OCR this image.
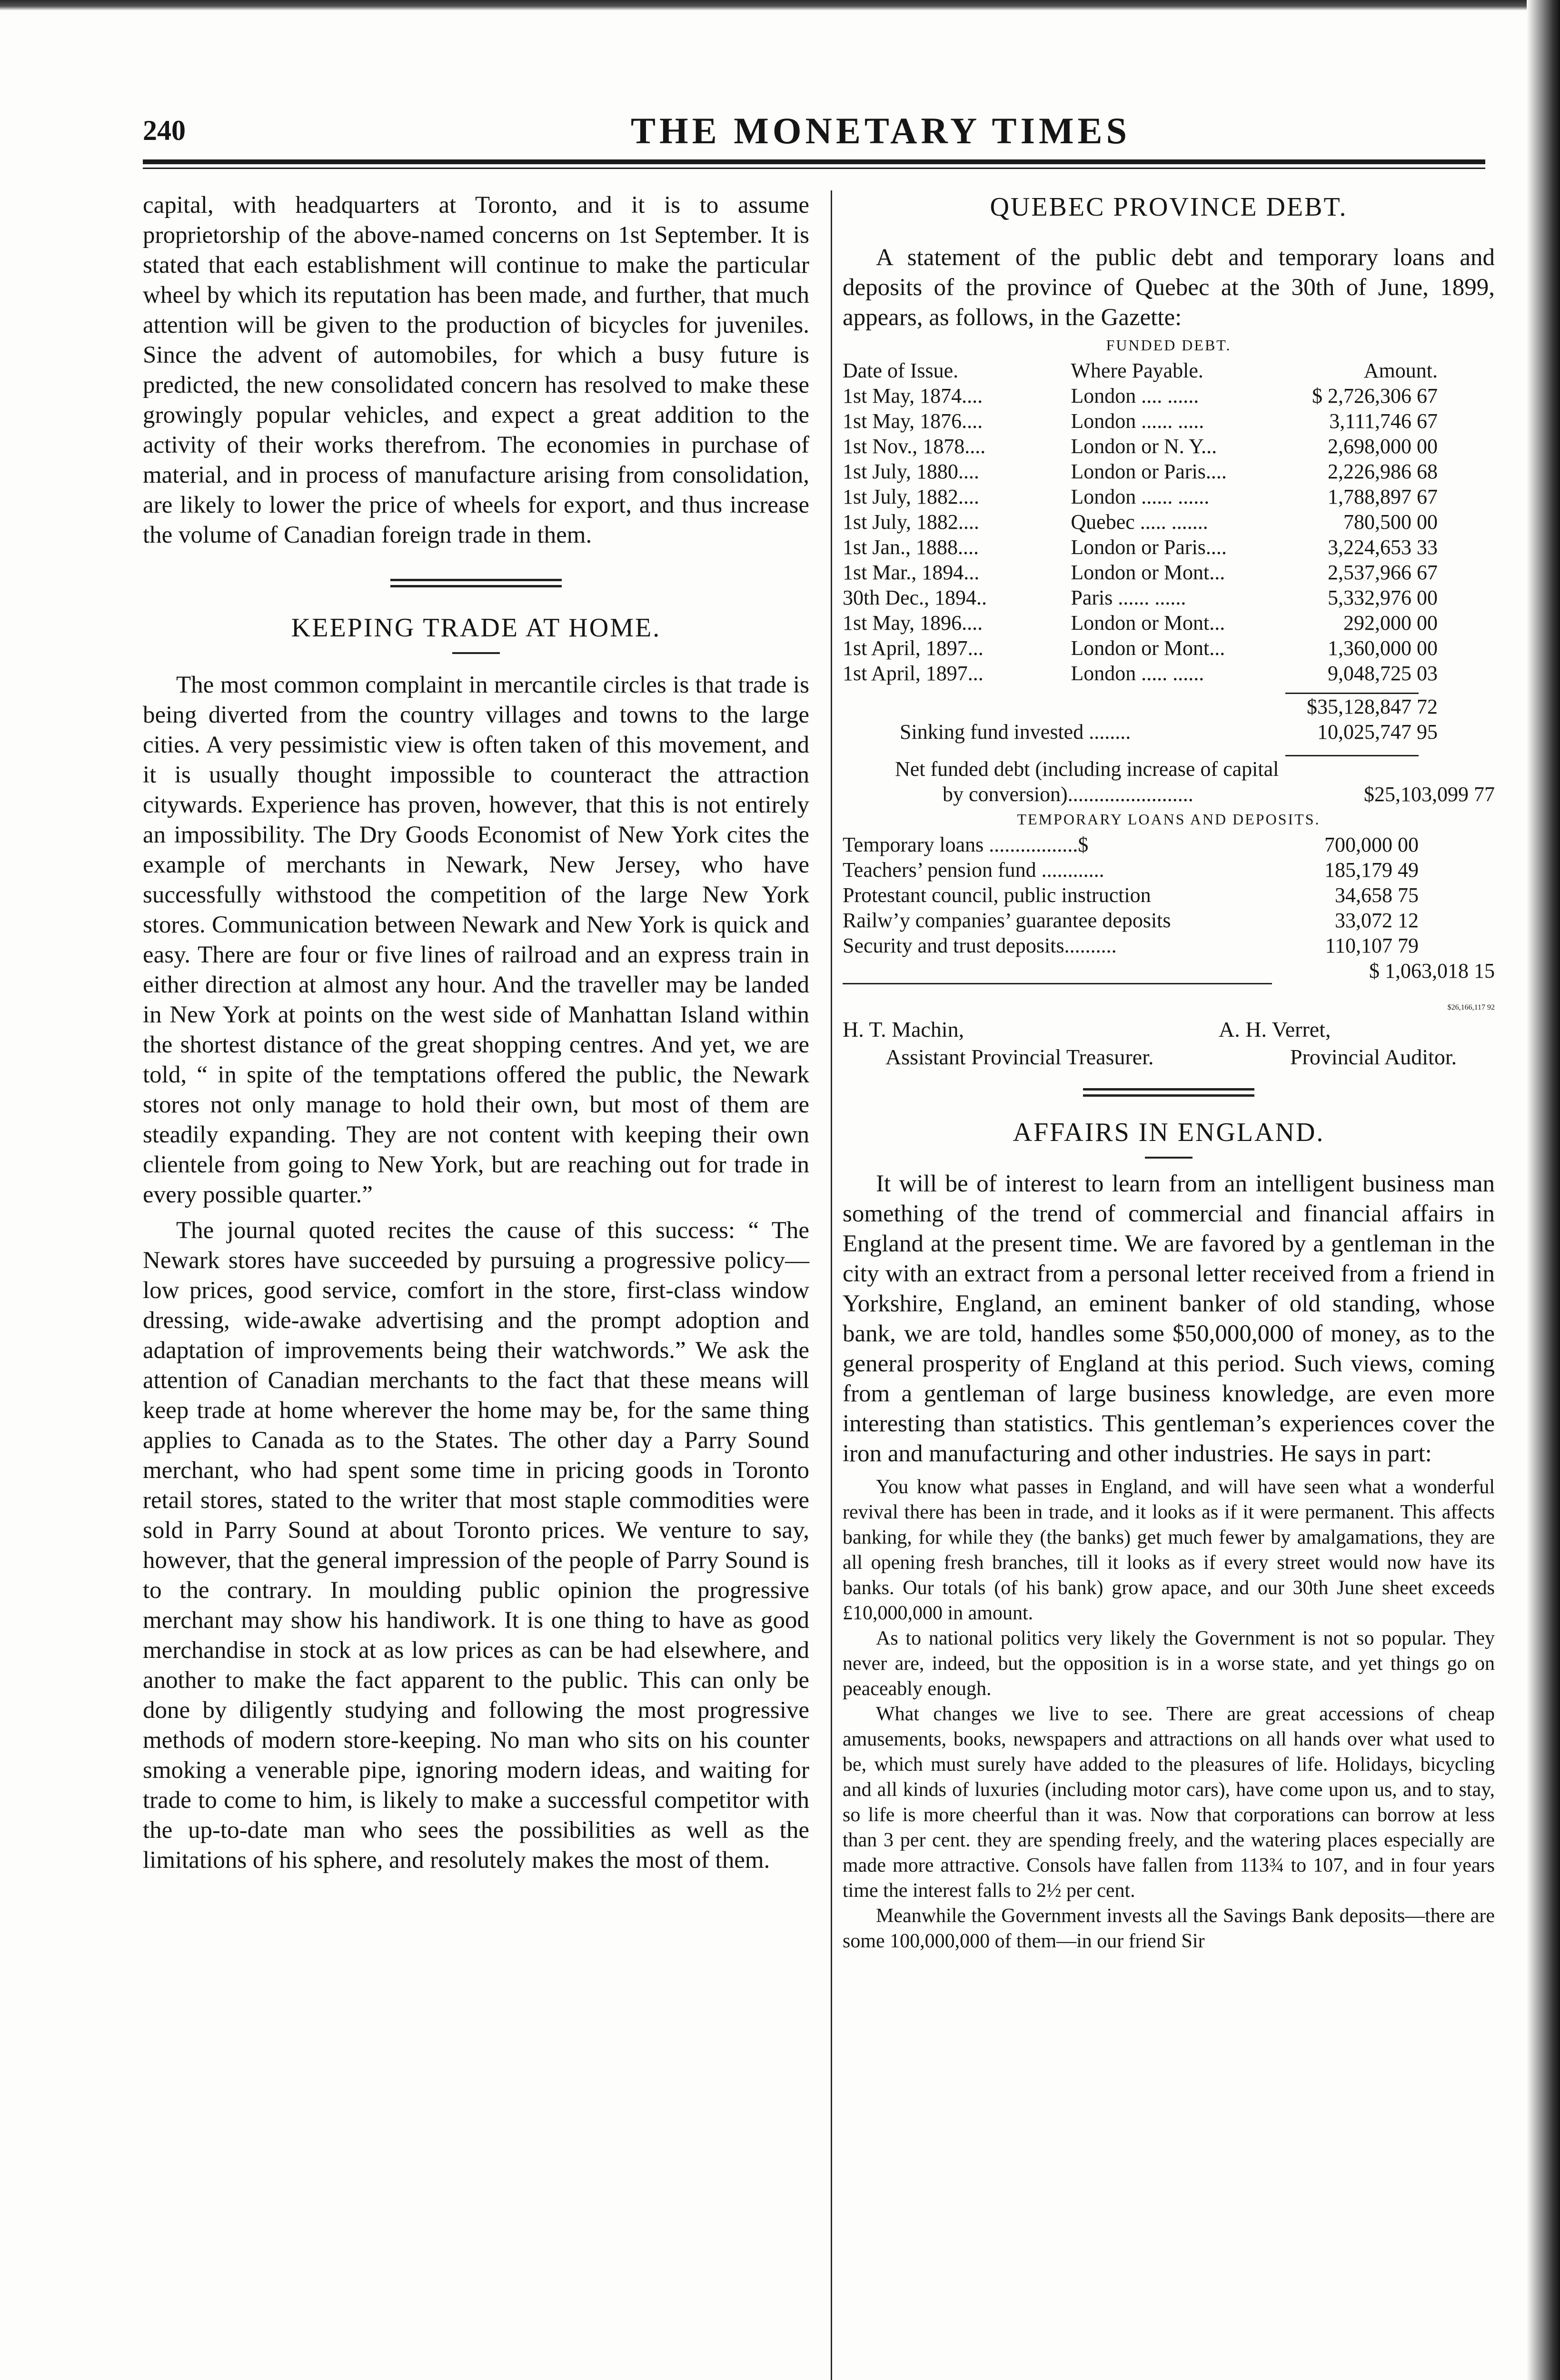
240	THE MONETARY TIMES

capital, with headquarters at Toronto, and it is to assume proprietorship of the above-named concerns on 1st September. It is stated that each establishment will continue to make the particular wheel by which its reputation has been made, and further, that much attention will be given to the production of bicycles for juveniles. Since the advent of automobiles, for which a busy future is predicted, the new consolidated concern has resolved to make these growingly popular vehicles, and expect a great addition to the activity of their works therefrom. The economies in purchase of material, and in process of manufacture arising from consolidation, are likely to lower the price of wheels for export, and thus increase the volume of Canadian foreign trade in them.

KEEPING TRADE AT HOME.

The most common complaint in mercantile circles is that trade is being diverted from the country villages and towns to the large cities. A very pessimistic view is often taken of this movement, and it is usually thought impossible to counteract the attraction citywards. Experience has proven, however, that this is not entirely an impossibility. The Dry Goods Economist of New York cites the example of merchants in Newark, New Jersey, who have successfully withstood the competition of the large New York stores. Communication between Newark and New York is quick and easy. There are four or five lines of railroad and an express train in either direction at almost any hour. And the traveller may be landed in New York at points on the west side of Manhattan Island within the shortest distance of the great shopping centres. And yet, we are told, “ in spite of the temptations offered the public, the Newark stores not only manage to hold their own, but most of them are steadily expanding. They are not content with keeping their own clientele from going to New York, but are reaching out for trade in every possible quarter.”

The journal quoted recites the cause of this success: “ The Newark stores have succeeded by pursuing a progressive policy—low prices, good service, comfort in the store, first-class window dressing, wide-awake advertising and the prompt adoption and adaptation of improvements being their watchwords.” We ask the attention of Canadian merchants to the fact that these means will keep trade at home wherever the home may be, for the same thing applies to Canada as to the States. The other day a Parry Sound merchant, who had spent some time in pricing goods in Toronto retail stores, stated to the writer that most staple commodities were sold in Parry Sound at about Toronto prices. We venture to say, however, that the general impression of the people of Parry Sound is to the contrary. In moulding public opinion the progressive merchant may show his handiwork. It is one thing to have as good merchandise in stock at as low prices as can be had elsewhere, and another to make the fact apparent to the public. This can only be done by diligently studying and following the most progressive methods of modern store-keeping. No man who sits on his counter smoking a venerable pipe, ignoring modern ideas, and waiting for trade to come to him, is likely to make a successful competitor with the up-to-date man who sees the possibilities as well as the limitations of his sphere, and resolutely makes the most of them.

QUEBEC PROVINCE DEBT.

A statement of the public debt and temporary loans and deposits of the province of Quebec at the 30th of June, 1899, appears, as follows, in the Gazette:

FUNDED DEBT.
Date of Issue.	Where Payable.	Amount.
1st May, 1874....	London .... ......	$ 2,726,306 67
1st May, 1876....	London ...... .....	3,111,746 67
1st Nov., 1878....	London or N. Y...	2,698,000 00
1st July, 1880....	London or Paris....	2,226,986 68
1st July, 1882....	London ...... ......	1,788,897 67
1st July, 1882....	Quebec ..... .......	780,500 00
1st Jan., 1888....	London or Paris....	3,224,653 33
1st Mar., 1894...	London or Mont...	2,537,966 67
30th Dec., 1894..	Paris ...... ......	5,332,976 00
1st May, 1896....	London or Mont...	292,000 00
1st April, 1897...	London or Mont...	1,360,000 00
1st April, 1897...	London ..... ......	9,048,725 03
	$35,128,847 72
Sinking fund invested ........	10,025,747 95
Net funded debt (including increase of capital	
by conversion)........................	$25,103,099 77
TEMPORARY LOANS AND DEPOSITS.
Temporary loans .................$	700,000 00
Teachers’ pension fund ............	185,179 49
Protestant council, public instruction	34,658 75
Railw’y companies’ guarantee deposits	33,072 12
Security and trust deposits..........	110,107 79
	$ 1,063,018 15
$26,166,117 92
H. T. Machin,
Assistant Provincial Treasurer.
A. H. Verret,
Provincial Auditor.
AFFAIRS IN ENGLAND.

It will be of interest to learn from an intelligent business man something of the trend of commercial and financial affairs in England at the present time. We are favored by a gentleman in the city with an extract from a personal letter received from a friend in Yorkshire, England, an eminent banker of old standing, whose bank, we are told, handles some $50,000,000 of money, as to the general prosperity of England at this period. Such views, coming from a gentleman of large business knowledge, are even more interesting than statistics. This gentleman’s experiences cover the iron and manufacturing and other industries. He says in part:

You know what passes in England, and will have seen what a wonderful revival there has been in trade, and it looks as if it were permanent. This affects banking, for while they (the banks) get much fewer by amalgamations, they are all opening fresh branches, till it looks as if every street would now have its banks. Our totals (of his bank) grow apace, and our 30th June sheet exceeds £10,000,000 in amount.

As to national politics very likely the Government is not so popular. They never are, indeed, but the opposition is in a worse state, and yet things go on peaceably enough.

What changes we live to see. There are great accessions of cheap amusements, books, newspapers and attractions on all hands over what used to be, which must surely have added to the pleasures of life. Holidays, bicycling and all kinds of luxuries (including motor cars), have come upon us, and to stay, so life is more cheerful than it was. Now that corporations can borrow at less than 3 per cent. they are spending freely, and the watering places especially are made more attractive. Consols have fallen from 113¾ to 107, and in four years time the interest falls to 2½ per cent.

Meanwhile the Government invests all the Savings Bank deposits—there are some 100,000,000 of them—in our friend Sir
